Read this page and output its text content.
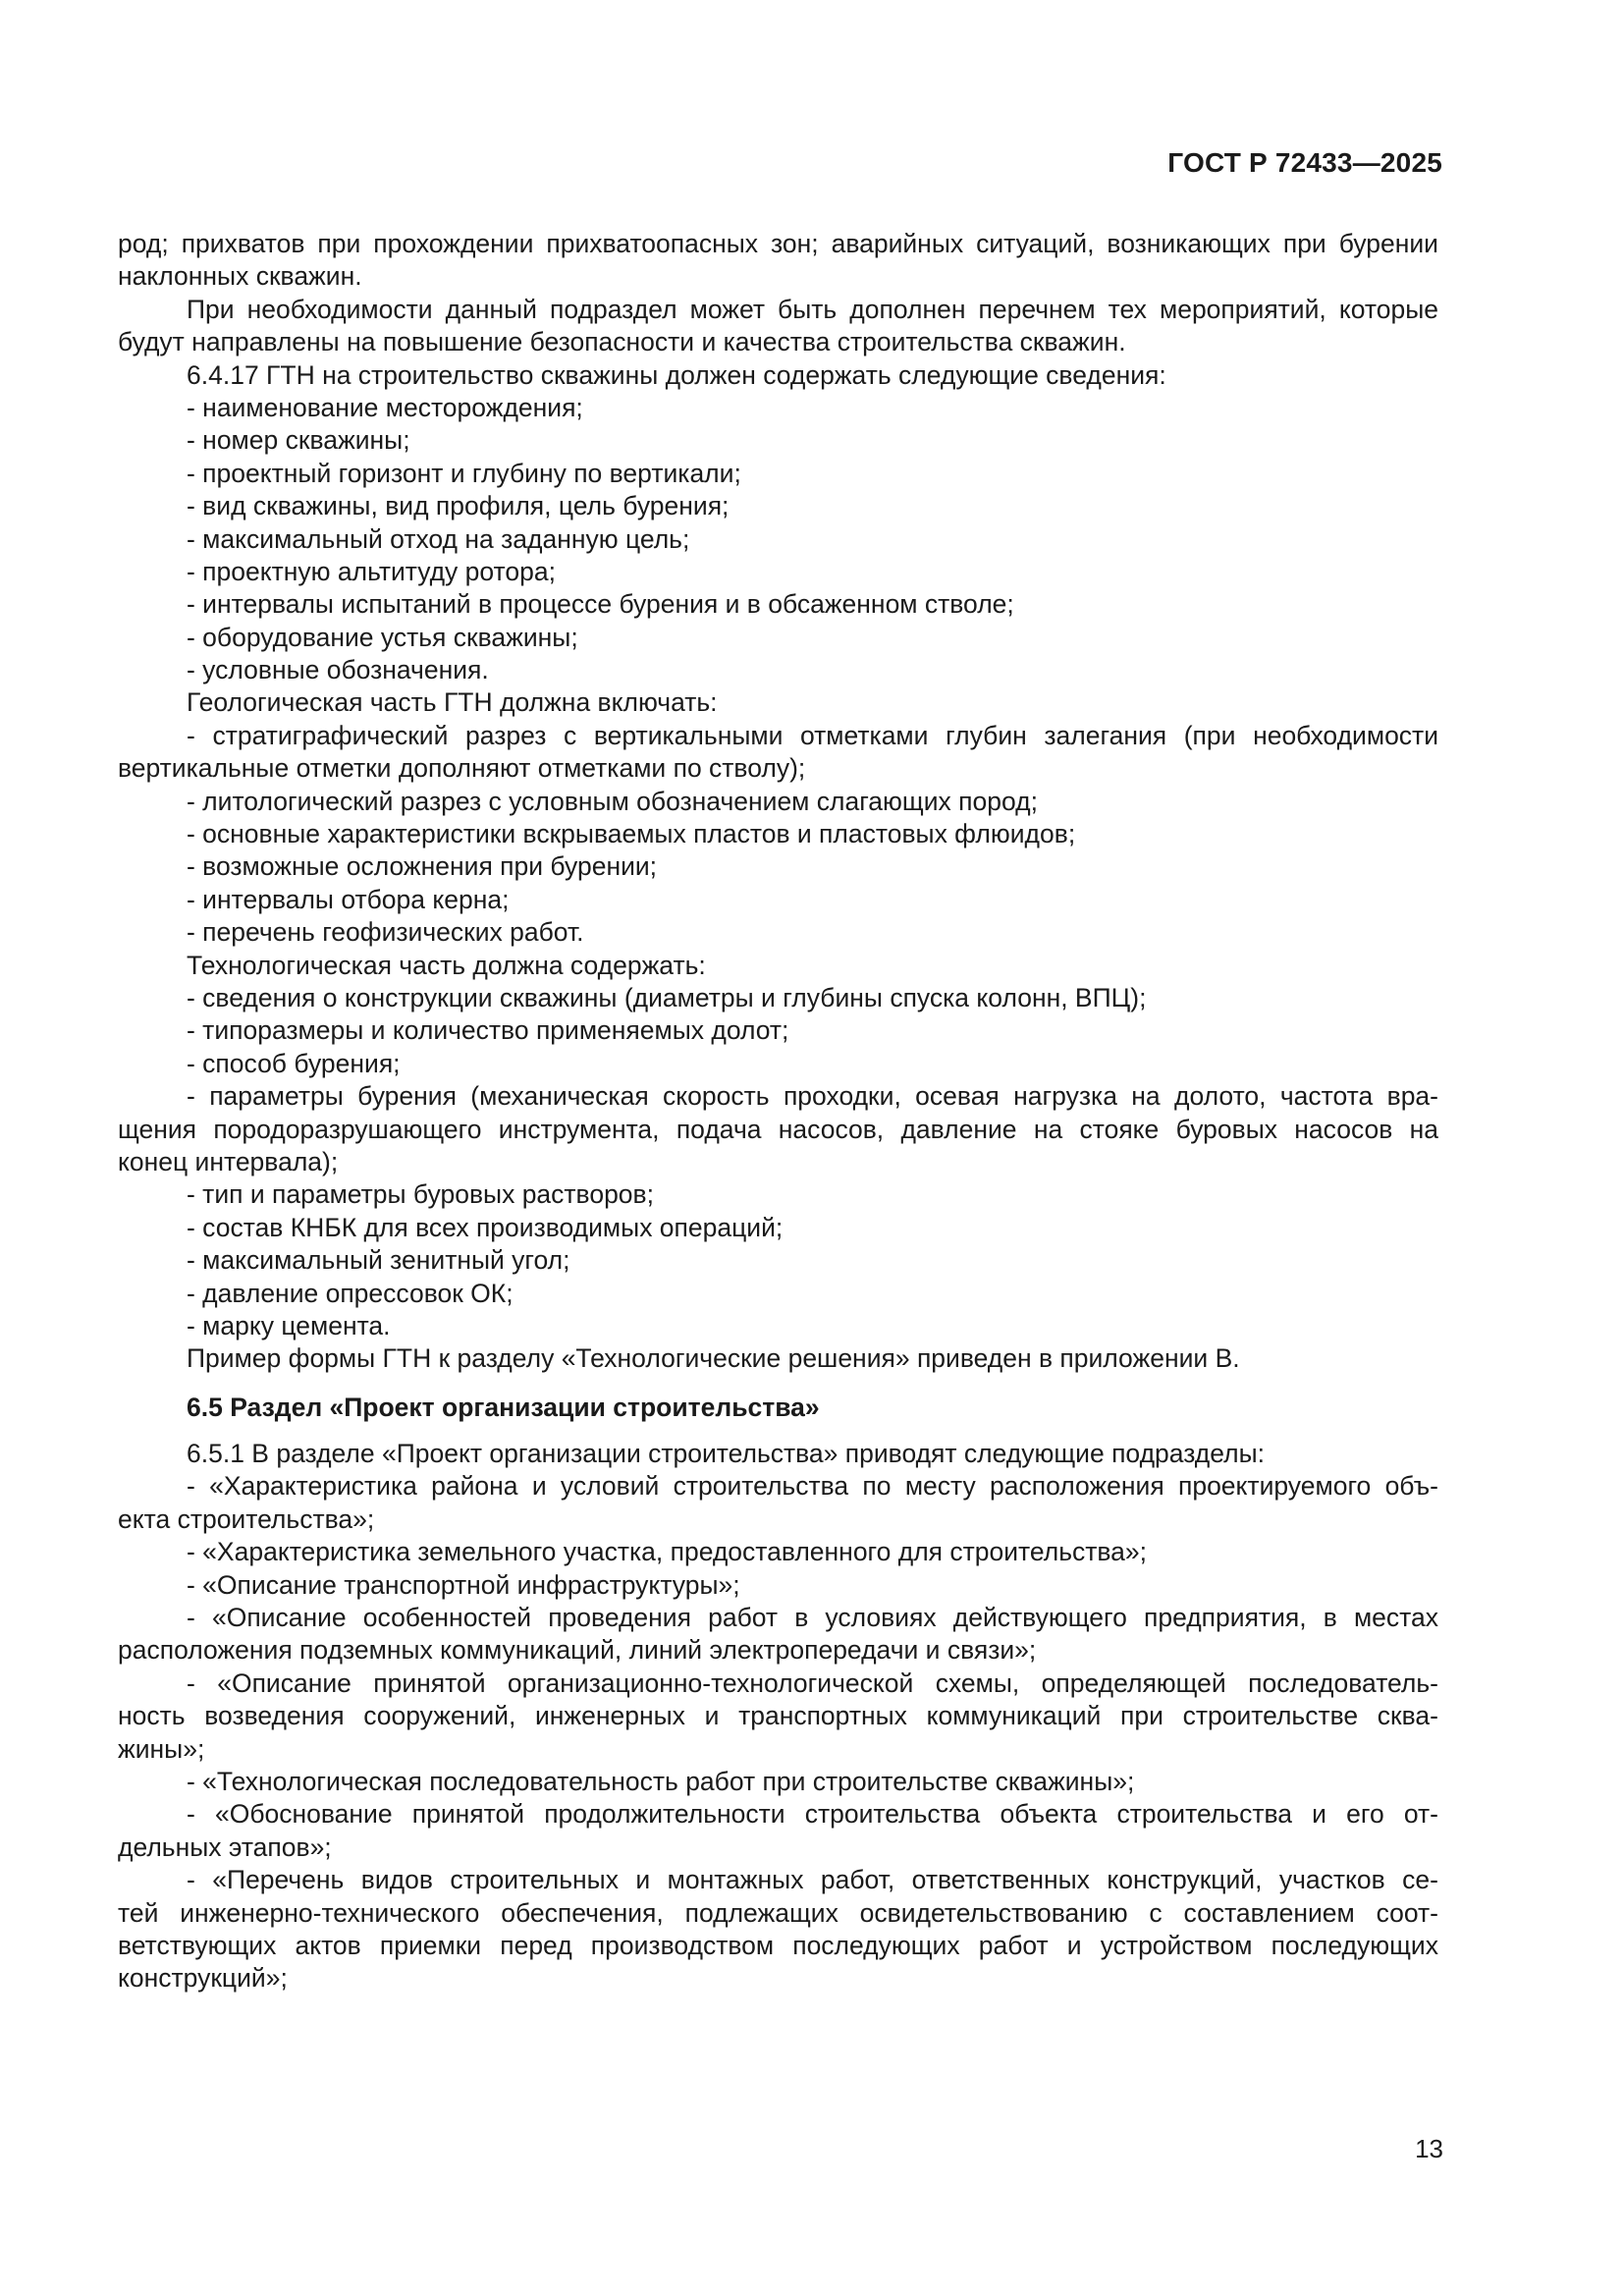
ГОСТ Р 72433—2025
род; прихватов при прохождении прихватоопасных зон; аварийных ситуаций, возникающих при бурении
наклонных скважин.
При необходимости данный подраздел может быть дополнен перечнем тех мероприятий, которые
будут направлены на повышение безопасности и качества строительства скважин.
6.4.17 ГТН на строительство скважины должен содержать следующие сведения:
- наименование месторождения;
- номер скважины;
- проектный горизонт и глубину по вертикали;
- вид скважины, вид профиля, цель бурения;
- максимальный отход на заданную цель;
- проектную альтитуду ротора;
- интервалы испытаний в процессе бурения и в обсаженном стволе;
- оборудование устья скважины;
- условные обозначения.
Геологическая часть ГТН должна включать:
- стратиграфический разрез с вертикальными отметками глубин залегания (при необходимости
вертикальные отметки дополняют отметками по стволу);
- литологический разрез с условным обозначением слагающих пород;
- основные характеристики вскрываемых пластов и пластовых флюидов;
- возможные осложнения при бурении;
- интервалы отбора керна;
- перечень геофизических работ.
Технологическая часть должна содержать:
- сведения о конструкции скважины (диаметры и глубины спуска колонн, ВПЦ);
- типоразмеры и количество применяемых долот;
- способ бурения;
- параметры бурения (механическая скорость проходки, осевая нагрузка на долото, частота вра-
щения породоразрушающего инструмента, подача насосов, давление на стояке буровых насосов на
конец интервала);
- тип и параметры буровых растворов;
- состав КНБК для всех производимых операций;
- максимальный зенитный угол;
- давление опрессовок ОК;
- марку цемента.
Пример формы ГТН к разделу «Технологические решения» приведен в приложении В.
6.5 Раздел «Проект организации строительства»
6.5.1 В разделе «Проект организации строительства» приводят следующие подразделы:
- «Характеристика района и условий строительства по месту расположения проектируемого объ-
екта строительства»;
- «Характеристика земельного участка, предоставленного для строительства»;
- «Описание транспортной инфраструктуры»;
- «Описание особенностей проведения работ в условиях действующего предприятия, в местах
расположения подземных коммуникаций, линий электропередачи и связи»;
- «Описание принятой организационно-технологической схемы, определяющей последователь-
ность возведения сооружений, инженерных и транспортных коммуникаций при строительстве сква-
жины»;
- «Технологическая последовательность работ при строительстве скважины»;
- «Обоснование принятой продолжительности строительства объекта строительства и его от-
дельных этапов»;
- «Перечень видов строительных и монтажных работ, ответственных конструкций, участков се-
тей инженерно-технического обеспечения, подлежащих освидетельствованию с составлением соот-
ветствующих актов приемки перед производством последующих работ и устройством последующих
конструкций»;
13
